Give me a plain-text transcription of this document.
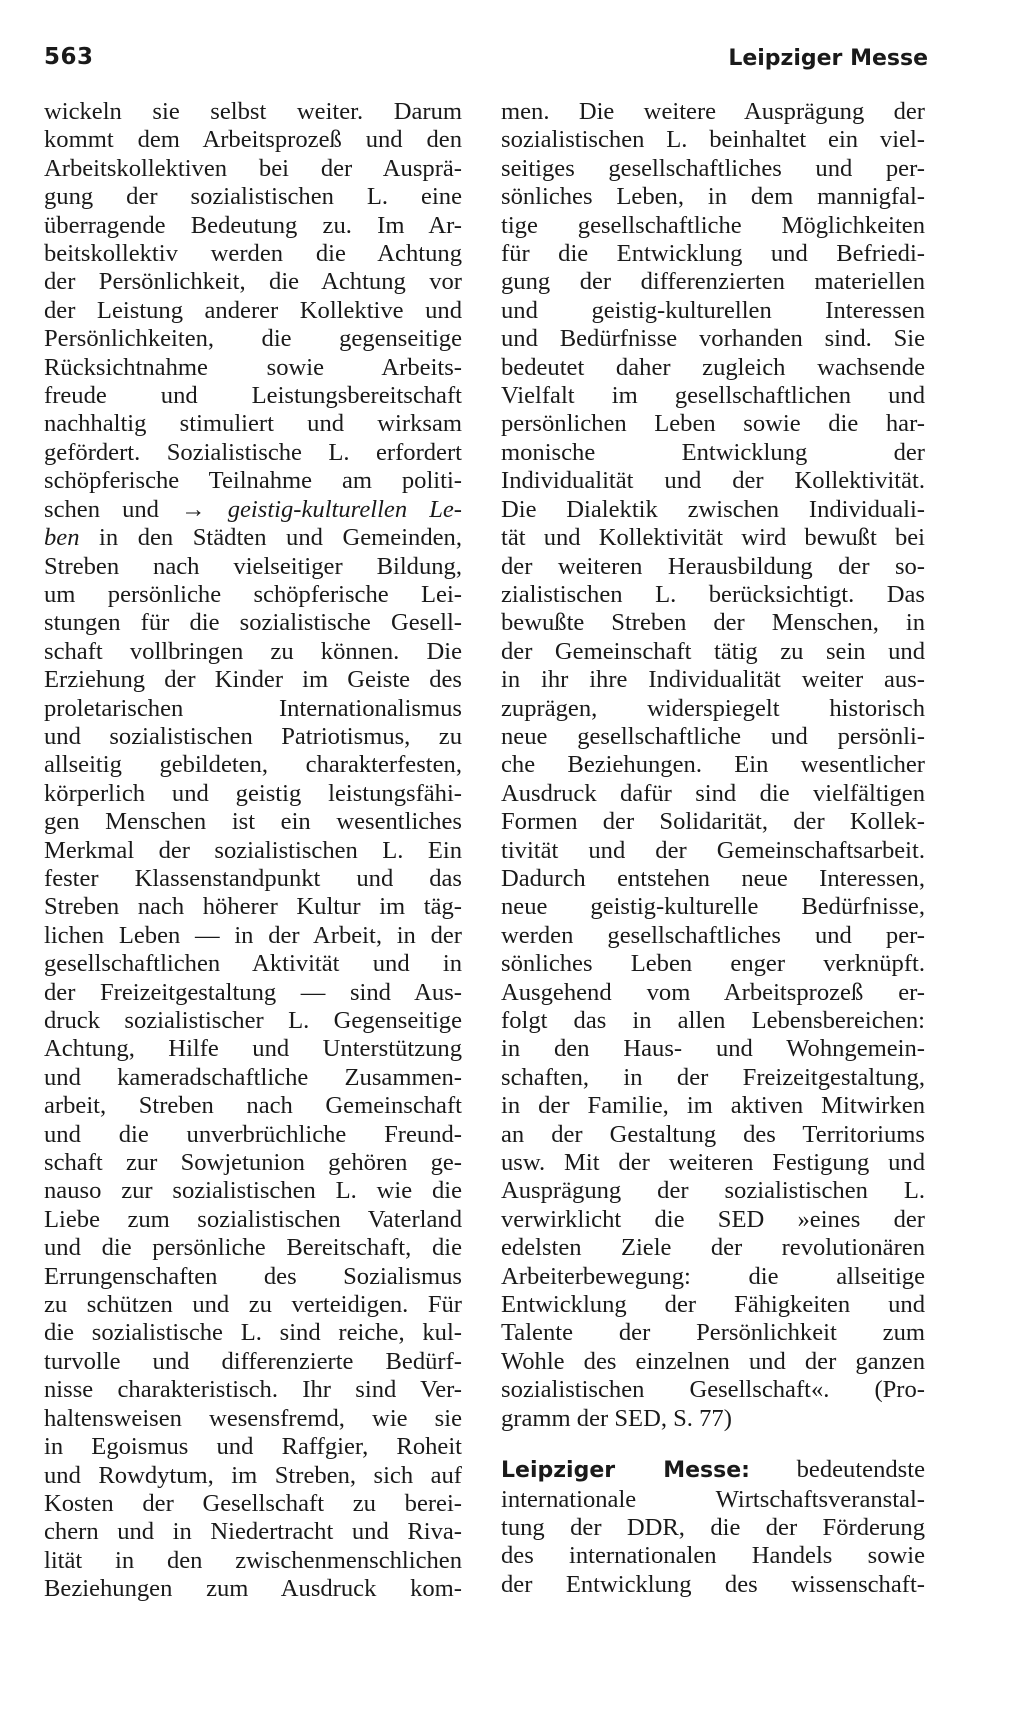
563	Leipziger Messe
wickeln sie selbst weiter. Darum
kommt dem Arbeitsprozeß und den
Arbeitskollektiven bei der Ausprä-
gung der sozialistischen L. eine
überragende Bedeutung zu. Im Ar-
beitskollektiv werden die Achtung
der Persönlichkeit, die Achtung vor
der Leistung anderer Kollektive und
Persönlichkeiten, die gegenseitige
Rücksichtnahme sowie Arbeits-
freude und Leistungsbereitschaft
nachhaltig stimuliert und wirksam
gefördert. Sozialistische L. erfordert
schöpferische Teilnahme am politi-
schen und → geistig-kulturellen Le-
ben in den Städten und Gemeinden,
Streben nach vielseitiger Bildung,
um persönliche schöpferische Lei-
stungen für die sozialistische Gesell-
schaft vollbringen zu können. Die
Erziehung der Kinder im Geiste des
proletarischen Internationalismus
und sozialistischen Patriotismus, zu
allseitig gebildeten, charakterfesten,
körperlich und geistig leistungsfähi-
gen Menschen ist ein wesentliches
Merkmal der sozialistischen L. Ein
fester Klassenstandpunkt und das
Streben nach höherer Kultur im täg-
lichen Leben — in der Arbeit, in der
gesellschaftlichen Aktivität und in
der Freizeitgestaltung — sind Aus-
druck sozialistischer L. Gegenseitige
Achtung, Hilfe und Unterstützung
und kameradschaftliche Zusammen-
arbeit, Streben nach Gemeinschaft
und die unverbrüchliche Freund-
schaft zur Sowjetunion gehören ge-
nauso zur sozialistischen L. wie die
Liebe zum sozialistischen Vaterland
und die persönliche Bereitschaft, die
Errungenschaften des Sozialismus
zu schützen und zu verteidigen. Für
die sozialistische L. sind reiche, kul-
turvolle und differenzierte Bedürf-
nisse charakteristisch. Ihr sind Ver-
haltensweisen wesensfremd, wie sie
in Egoismus und Raffgier, Roheit
und Rowdytum, im Streben, sich auf
Kosten der Gesellschaft zu berei-
chern und in Niedertracht und Riva-
lität in den zwischenmenschlichen
Beziehungen zum Ausdruck kom-
men. Die weitere Ausprägung der
sozialistischen L. beinhaltet ein viel-
seitiges gesellschaftliches und per-
sönliches Leben, in dem mannigfal-
tige gesellschaftliche Möglichkeiten
für die Entwicklung und Befriedi-
gung der differenzierten materiellen
und geistig-kulturellen Interessen
und Bedürfnisse vorhanden sind. Sie
bedeutet daher zugleich wachsende
Vielfalt im gesellschaftlichen und
persönlichen Leben sowie die har-
monische Entwicklung der
Individualität und der Kollektivität.
Die Dialektik zwischen Individuali-
tät und Kollektivität wird bewußt bei
der weiteren Herausbildung der so-
zialistischen L. berücksichtigt. Das
bewußte Streben der Menschen, in
der Gemeinschaft tätig zu sein und
in ihr ihre Individualität weiter aus-
zuprägen, widerspiegelt historisch
neue gesellschaftliche und persönli-
che Beziehungen. Ein wesentlicher
Ausdruck dafür sind die vielfältigen
Formen der Solidarität, der Kollek-
tivität und der Gemeinschaftsarbeit.
Dadurch entstehen neue Interessen,
neue geistig-kulturelle Bedürfnisse,
werden gesellschaftliches und per-
sönliches Leben enger verknüpft.
Ausgehend vom Arbeitsprozeß er-
folgt das in allen Lebensbereichen:
in den Haus- und Wohngemein-
schaften, in der Freizeitgestaltung,
in der Familie, im aktiven Mitwirken
an der Gestaltung des Territoriums
usw. Mit der weiteren Festigung und
Ausprägung der sozialistischen L.
verwirklicht die SED »eines der
edelsten Ziele der revolutionären
Arbeiterbewegung: die allseitige
Entwicklung der Fähigkeiten und
Talente der Persönlichkeit zum
Wohle des einzelnen und der ganzen
sozialistischen Gesellschaft«. (Pro-
gramm der SED, S. 77)
Leipziger Messe: bedeutendste
internationale Wirtschaftsveranstal-
tung der DDR, die der Förderung
des internationalen Handels sowie
der Entwicklung des wissenschaft-
